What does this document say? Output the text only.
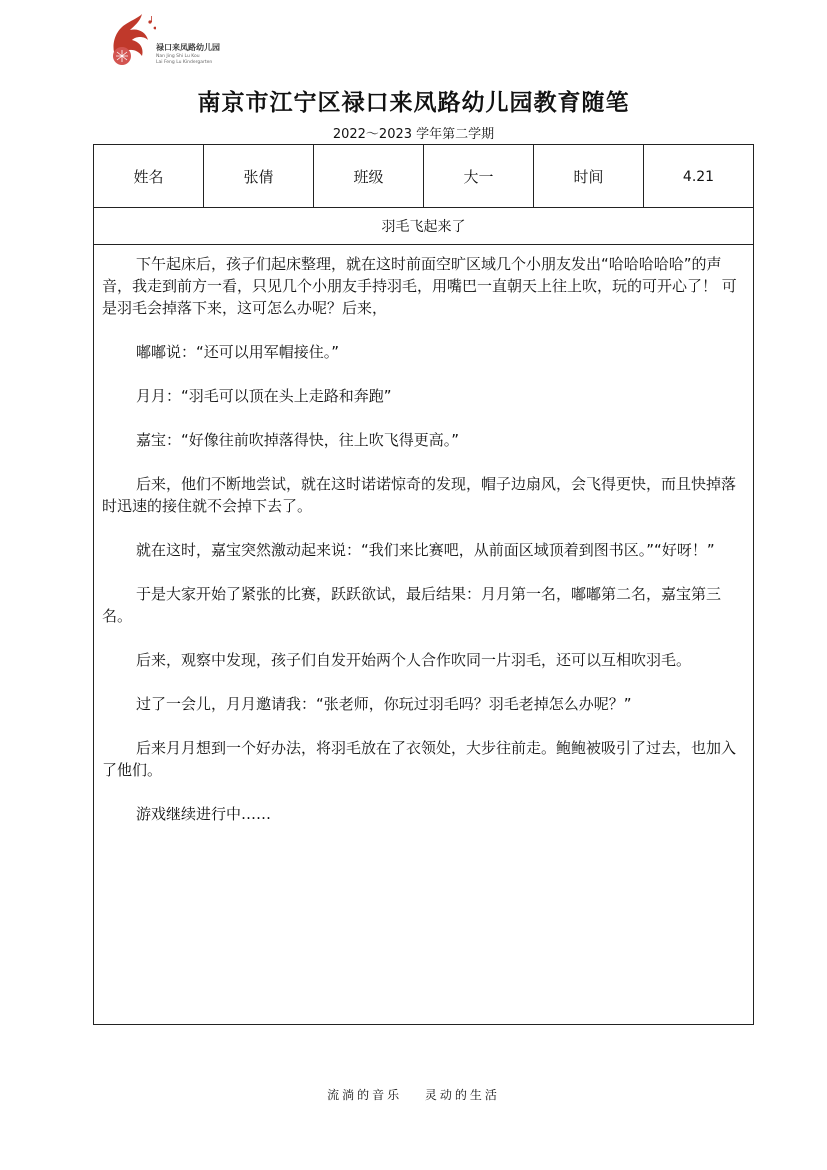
禄口来凤路幼儿园
Nan Jing Shi Lu Kou
Lai Feng Lu Kindergarten
南京市江宁区禄口来凤路幼儿园教育随笔
2022～2023 学年第二学期
姓名	张倩	班级	大一	时间	4.21
羽毛飞起来了

下午起床后，孩子们起床整理，就在这时前面空旷区域几个小朋友发出“哈哈哈哈哈”的声音，我走到前方一看，只见几个小朋友手持羽毛，用嘴巴一直朝天上往上吹，玩的可开心了！ 可是羽毛会掉落下来，这可怎么办呢？后来，

嘟嘟说：“还可以用军帽接住。”

月月：“羽毛可以顶在头上走路和奔跑”

嘉宝：“好像往前吹掉落得快，往上吹飞得更高。”

后来，他们不断地尝试，就在这时诺诺惊奇的发现，帽子边扇风，会飞得更快，而且快掉落时迅速的接住就不会掉下去了。

就在这时，嘉宝突然激动起来说：“我们来比赛吧，从前面区域顶着到图书区。”“好呀！”

于是大家开始了紧张的比赛，跃跃欲试，最后结果：月月第一名，嘟嘟第二名，嘉宝第三名。

后来，观察中发现，孩子们自发开始两个人合作吹同一片羽毛，还可以互相吹羽毛。

过了一会儿，月月邀请我：“张老师，你玩过羽毛吗？羽毛老掉怎么办呢？”

后来月月想到一个好办法，将羽毛放在了衣领处，大步往前走。鲍鲍被吸引了过去，也加入了他们。

游戏继续进行中……

流淌的音乐 灵动的生活
